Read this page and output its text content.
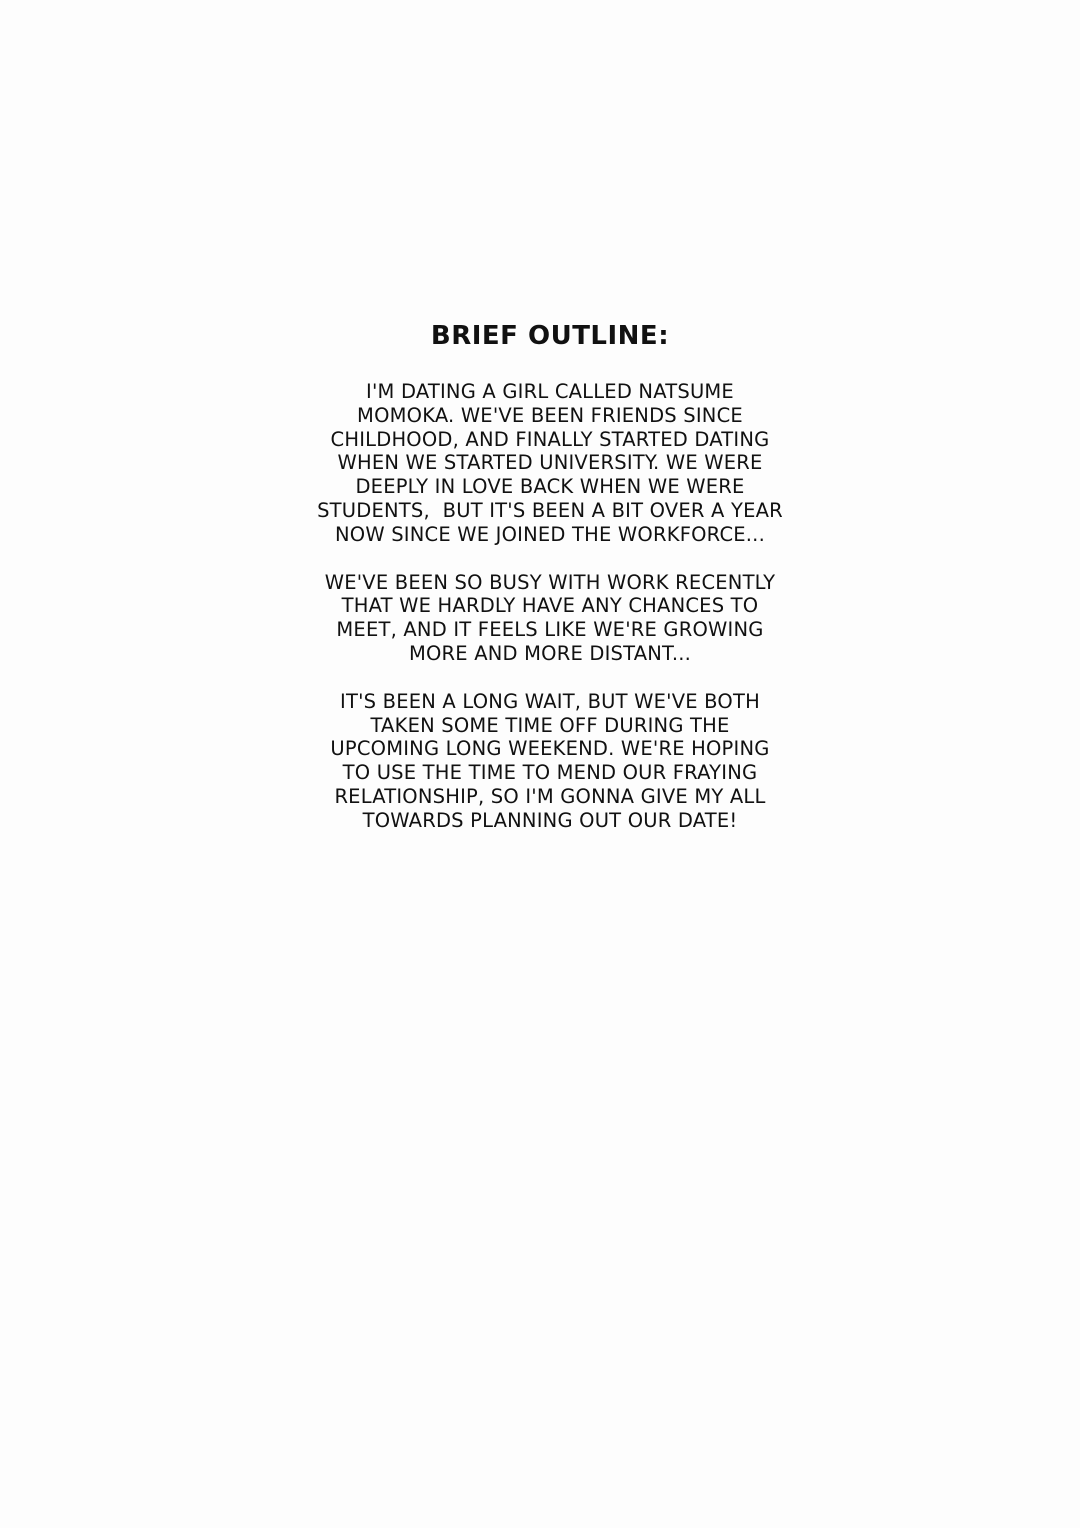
BRIEF OUTLINE:
I'M DATING A GIRL CALLED NATSUME
MOMOKA. WE'VE BEEN FRIENDS SINCE
CHILDHOOD, AND FINALLY STARTED DATING
WHEN WE STARTED UNIVERSITY. WE WERE
DEEPLY IN LOVE BACK WHEN WE WERE
STUDENTS,  BUT IT'S BEEN A BIT OVER A YEAR
NOW SINCE WE JOINED THE WORKFORCE...
WE'VE BEEN SO BUSY WITH WORK RECENTLY
THAT WE HARDLY HAVE ANY CHANCES TO
MEET, AND IT FEELS LIKE WE'RE GROWING
MORE AND MORE DISTANT...
IT'S BEEN A LONG WAIT, BUT WE'VE BOTH
TAKEN SOME TIME OFF DURING THE
UPCOMING LONG WEEKEND. WE'RE HOPING
TO USE THE TIME TO MEND OUR FRAYING
RELATIONSHIP, SO I'M GONNA GIVE MY ALL
TOWARDS PLANNING OUT OUR DATE!
